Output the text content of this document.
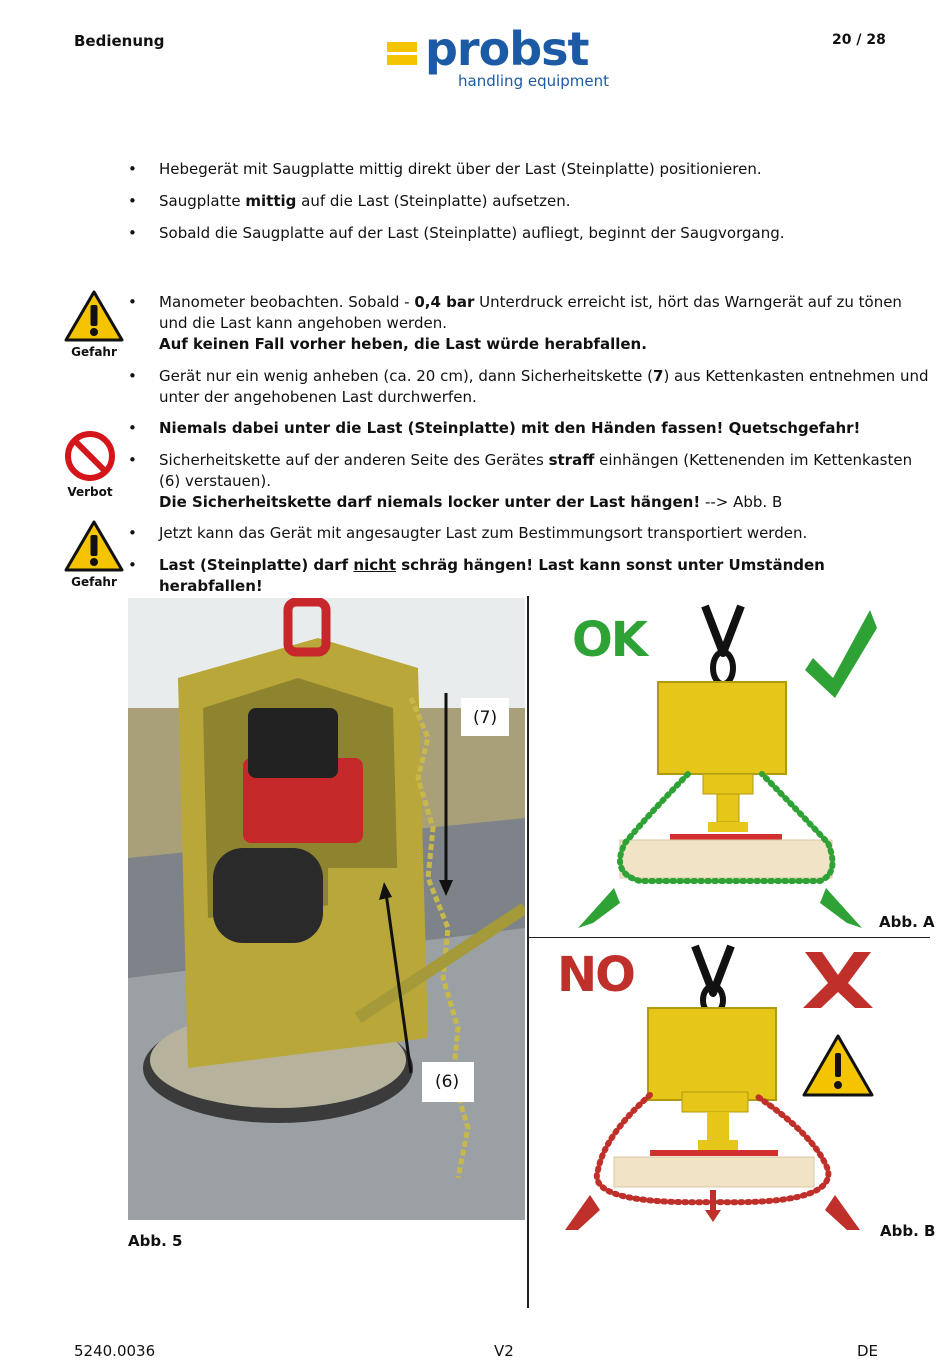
Bedienung	probst
handling equipment
20 / 28
• Hebegerät mit Saugplatte mittig direkt über der Last (Steinplatte) positionieren.
• Saugplatte mittig auf die Last (Steinplatte) aufsetzen.
• Sobald die Saugplatte auf der Last (Steinplatte) aufliegt, beginnt der Saugvorgang.
Gefahr
• Manometer beobachten. Sobald - 0,4 bar Unterdruck erreicht ist, hört das Warngerät auf zu tönen und die Last kann angehoben werden.
Auf keinen Fall vorher heben, die Last würde herabfallen.
• Gerät nur ein wenig anheben (ca. 20 cm), dann Sicherheitskette (7) aus Kettenkasten entnehmen und unter der angehobenen Last durchwerfen.
• Niemals dabei unter die Last (Steinplatte) mit den Händen fassen! Quetschgefahr!
Verbot
• Sicherheitskette auf der anderen Seite des Gerätes straff einhängen (Kettenenden im Kettenkasten (6) verstauen).
Die Sicherheitskette darf niemals locker unter der Last hängen! --> Abb. B
Gefahr
• Jetzt kann das Gerät mit angesaugter Last zum Bestimmungsort transportiert werden.
• Last (Steinplatte) darf nicht schräg hängen! Last kann sonst unter Umständen herabfallen!
(7)
(6)
Abb. 5
OK
Abb. A
NO
Abb. B
5240.0036	V2	DE
